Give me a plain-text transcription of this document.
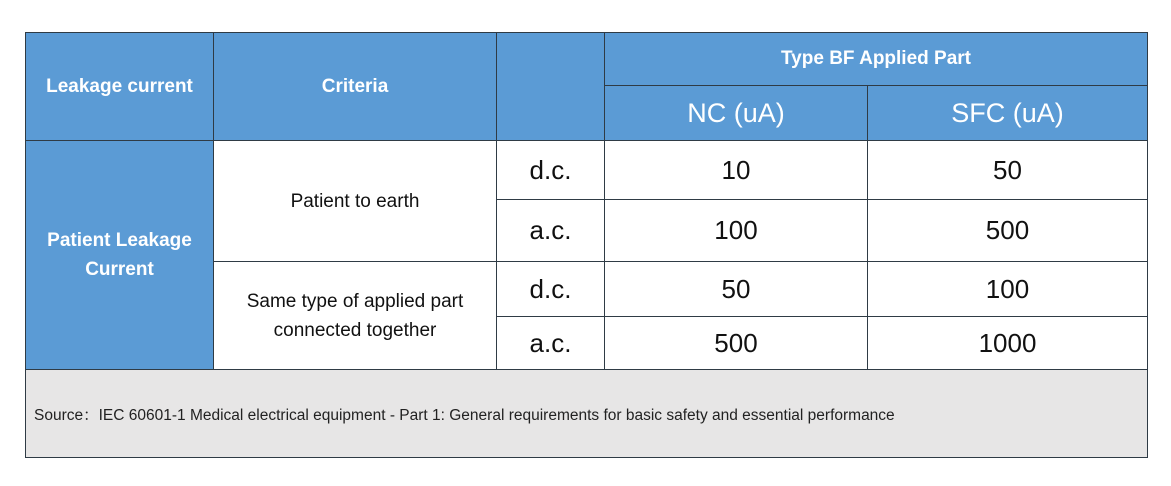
Leakage current	Criteria		Type BF Applied Part	
			NC (uA)	SFC (uA)
Patient Leakage Current	Patient to earth	d.c.	10	50
		a.c.	100	500
	Same type of applied part connected together	d.c.	50	100
		a.c.	500	1000
Source：IEC 60601-1 Medical electrical equipment - Part 1: General requirements for basic safety and essential performance				
